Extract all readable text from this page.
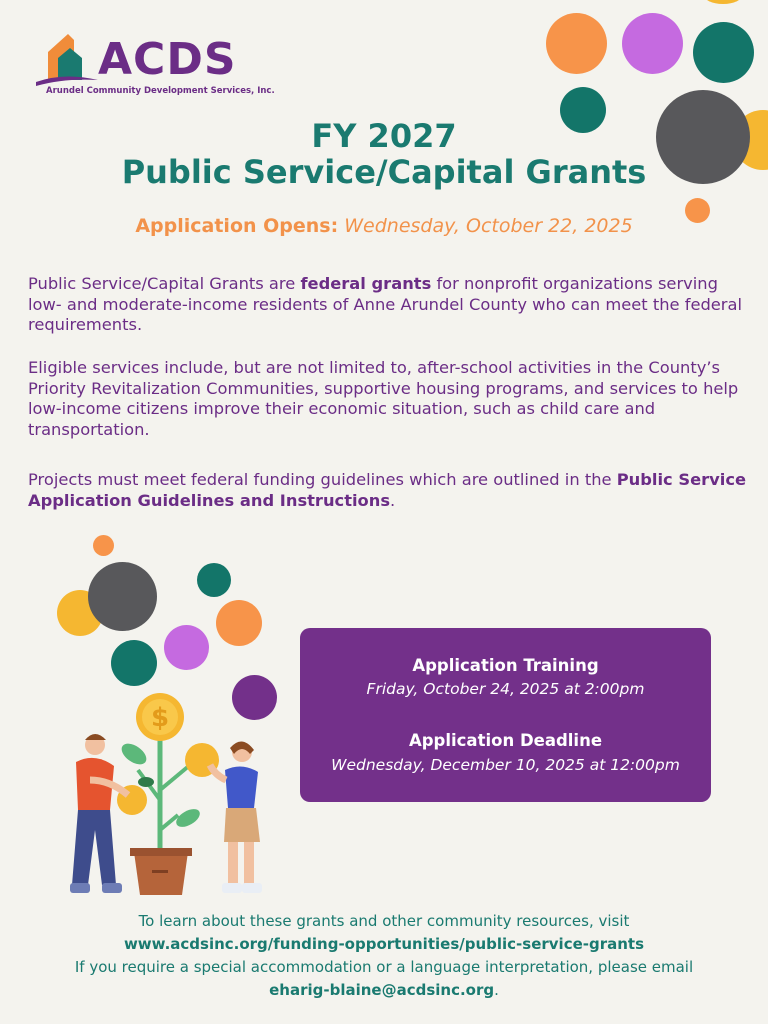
ACDS
Arundel Community Development Services, Inc.
FY 2027
Public Service/Capital Grants
Application Opens: Wednesday, October 22, 2025
Public Service/Capital Grants are federal grants for nonprofit organizations serving low- and moderate-income residents of Anne Arundel County who can meet the federal requirements.
Eligible services include, but are not limited to, after-school activities in the County’s Priority Revitalization Communities, supportive housing programs, and services to help low-income citizens improve their economic situation, such as child care and transportation.
Projects must meet federal funding guidelines which are outlined in the Public Service Application Guidelines and Instructions.
$
Application Training
Friday, October 24, 2025 at 2:00pm
Application Deadline
Wednesday, December 10, 2025 at 12:00pm
To learn about these grants and other community resources, visit
www.acdsinc.org/funding-opportunities/public-service-grants
If you require a special accommodation or a language interpretation, please email
eharig-blaine@acdsinc.org.
